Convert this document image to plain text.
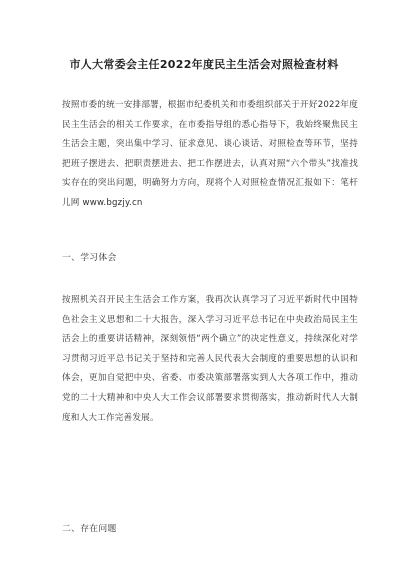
市人大常委会主任2022年度民主生活会对照检查材料

按照市委的统一安排部署，根据市纪委机关和市委组织部关于开好2022年度民主生活会的相关工作要求，在市委指导组的悉心指导下，我始终聚焦民主生活会主题，突出集中学习、征求意见、谈心谈话、对照检查等环节，坚持把班子摆进去、把职责摆进去、把工作摆进去，认真对照“六个带头”找准找实存在的突出问题，明确努力方向，现将个人对照检查情况汇报如下：笔杆儿网 www.bgzjy.cn

一、学习体会

按照机关召开民主生活会工作方案，我再次认真学习了习近平新时代中国特色社会主义思想和二十大报告，深入学习习近平总书记在中央政治局民主生活会上的重要讲话精神，深刻领悟“两个确立”的决定性意义，持续深化对学习贯彻习近平总书记关于坚持和完善人民代表大会制度的重要思想的认识和体会，更加自觉把中央、省委、市委决策部署落实到人大各项工作中，推动党的二十大精神和中央人大工作会议部署要求贯彻落实，推动新时代人大制度和人大工作完善发展。

二、存在问题
